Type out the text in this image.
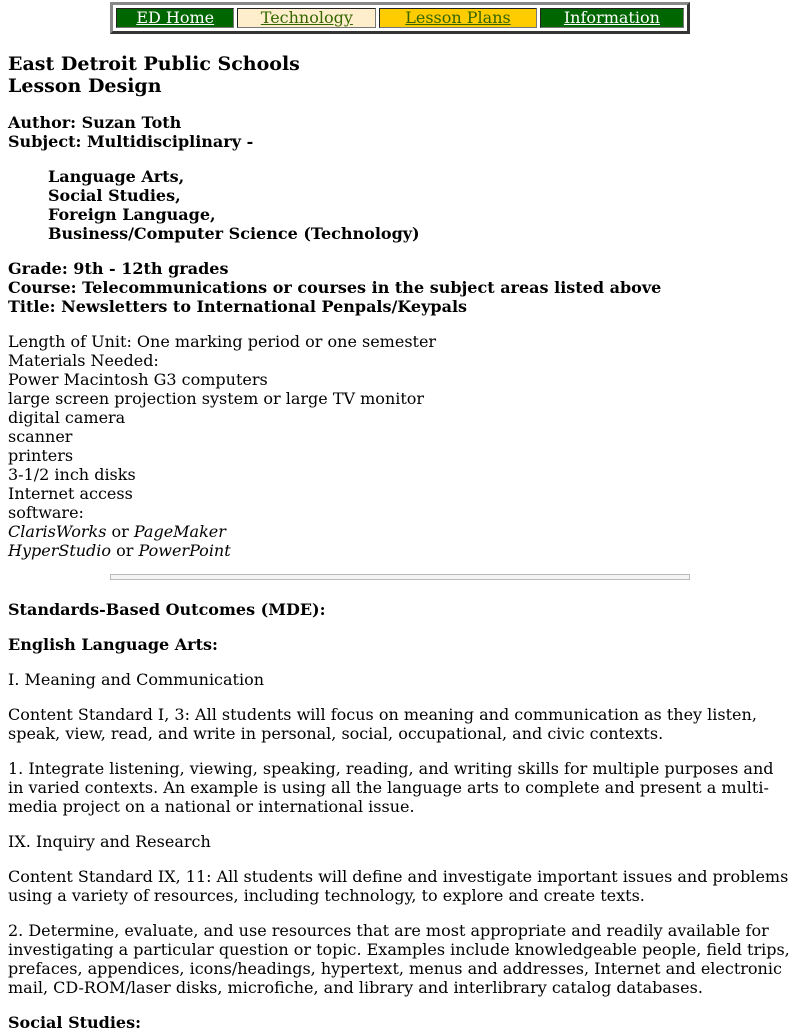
ED Home	Technology	Lesson Plans	Information
East Detroit Public Schools
Lesson Design

Author: Suzan Toth

Subject: Multidisciplinary -

Language Arts,

Social Studies,

Foreign Language,

Business/Computer Science (Technology)

Grade: 9th - 12th grades

Course: Telecommunications or courses in the subject areas listed above

Title: Newsletters to International Penpals/Keypals

Length of Unit: One marking period or one semester

Materials Needed:

Power Macintosh G3 computers

large screen projection system or large TV monitor

digital camera

scanner

printers

3-1/2 inch disks

Internet access

software:

ClarisWorks or PageMaker

HyperStudio or PowerPoint

Standards-Based Outcomes (MDE):

English Language Arts:

I. Meaning and Communication

Content Standard I, 3: All students will focus on meaning and communication as they listen, speak, view, read, and write in personal, social, occupational, and civic contexts.

1. Integrate listening, viewing, speaking, reading, and writing skills for multiple purposes and in varied contexts. An example is using all the language arts to complete and present a multi-media project on a national or international issue.

IX. Inquiry and Research

Content Standard IX, 11: All students will define and investigate important issues and problems using a variety of resources, including technology, to explore and create texts.

2. Determine, evaluate, and use resources that are most appropriate and readily available for investigating a particular question or topic. Examples include knowledgeable people, field trips, prefaces, appendices, icons/headings, hypertext, menus and addresses, Internet and electronic mail, CD-ROM/laser disks, microfiche, and library and interlibrary catalog databases.

Social Studies:
